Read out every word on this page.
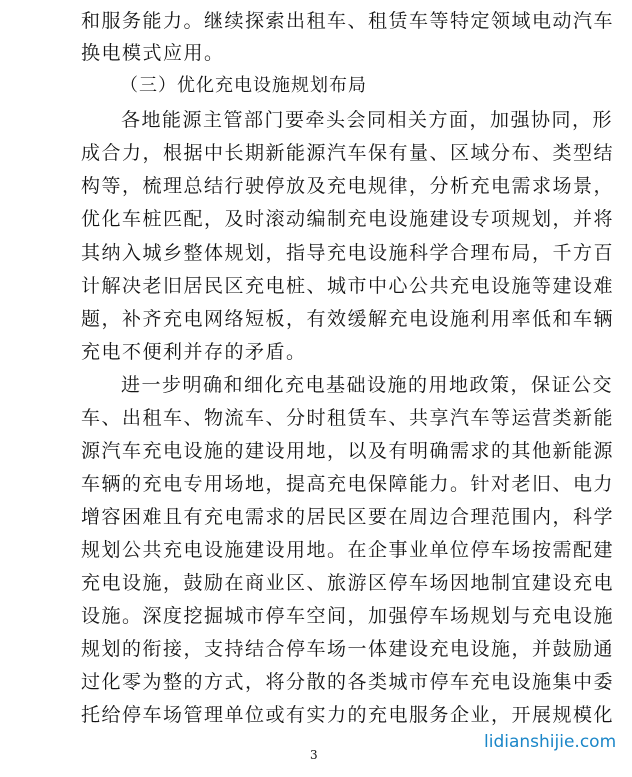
和服务能力。继续探索出租车、租赁车等特定领域电动汽车
换电模式应用。
（三）优化充电设施规划布局
各地能源主管部门要牵头会同相关方面，加强协同，形
成合力，根据中长期新能源汽车保有量、区域分布、类型结
构等，梳理总结行驶停放及充电规律，分析充电需求场景，
优化车桩匹配，及时滚动编制充电设施建设专项规划，并将
其纳入城乡整体规划，指导充电设施科学合理布局，千方百
计解决老旧居民区充电桩、城市中心公共充电设施等建设难
题，补齐充电网络短板，有效缓解充电设施利用率低和车辆
充电不便利并存的矛盾。
进一步明确和细化充电基础设施的用地政策，保证公交
车、出租车、物流车、分时租赁车、共享汽车等运营类新能
源汽车充电设施的建设用地，以及有明确需求的其他新能源
车辆的充电专用场地，提高充电保障能力。针对老旧、电力
增容困难且有充电需求的居民区要在周边合理范围内，科学
规划公共充电设施建设用地。在企事业单位停车场按需配建
充电设施，鼓励在商业区、旅游区停车场因地制宜建设充电
设施。深度挖掘城市停车空间，加强停车场规划与充电设施
规划的衔接，支持结合停车场一体建设充电设施，并鼓励通
过化零为整的方式，将分散的各类城市停车充电设施集中委
托给停车场管理单位或有实力的充电服务企业，开展规模化
3
lidianshijie.com
